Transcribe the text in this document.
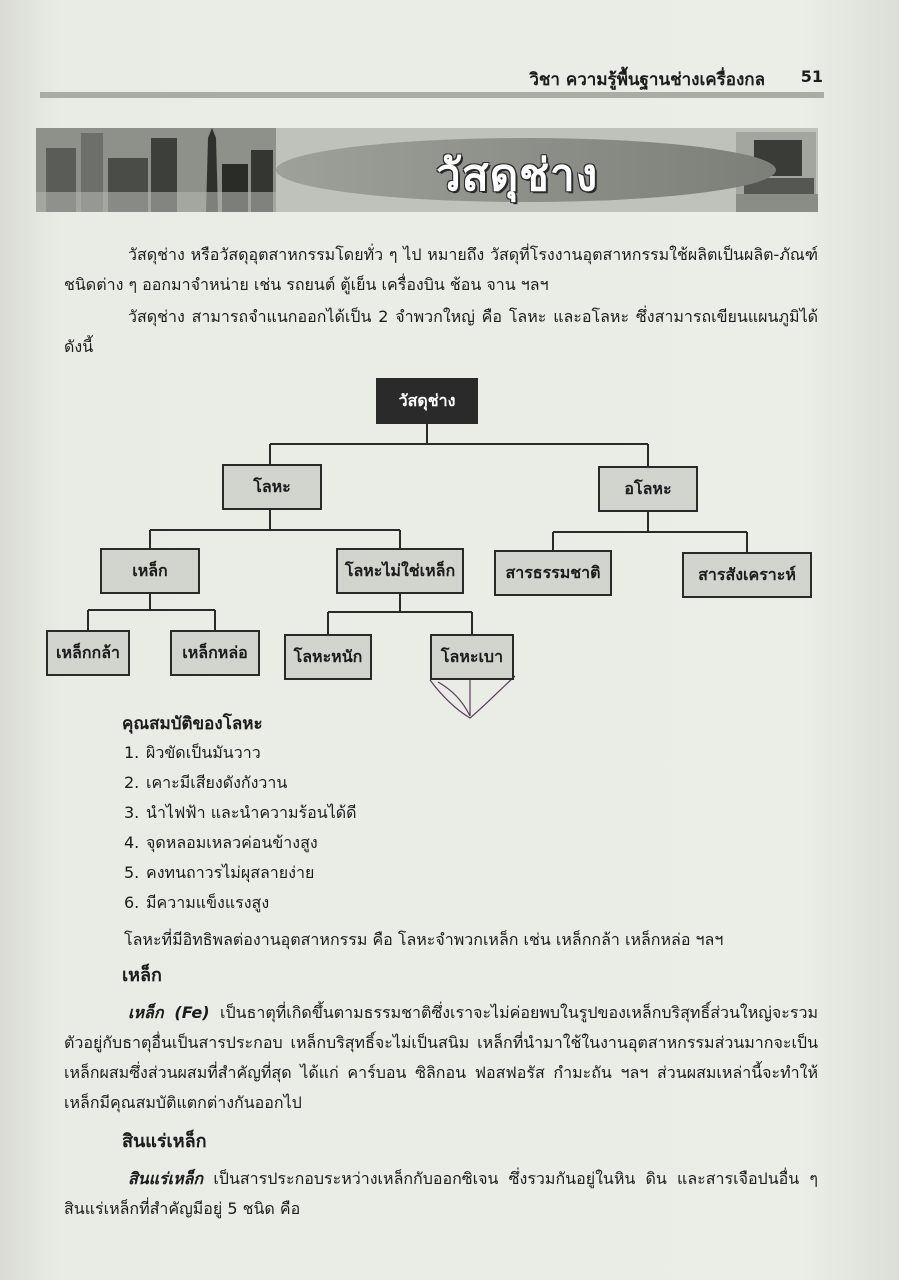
วิชา ความรู้พื้นฐานช่างเครื่องกล 51
วัสดุช่าง
วัสดุช่าง หรือวัสดุอุตสาหกรรมโดยทั่ว ๆ ไป หมายถึง วัสดุที่โรงงานอุตสาหกรรมใช้ผลิตเป็นผลิต-ภัณฑ์ชนิดต่าง ๆ ออกมาจำหน่าย เช่น รถยนต์ ตู้เย็น เครื่องบิน ช้อน จาน ฯลฯ
วัสดุช่าง สามารถจำแนกออกได้เป็น 2 จำพวกใหญ่ คือ โลหะ และอโลหะ ซึ่งสามารถเขียนแผนภูมิได้ดังนี้
วัสดุช่าง
โลหะ	อโลหะ
เหล็ก	โลหะไม่ใช่เหล็ก	สารธรรมชาติ	สารสังเคราะห์
เหล็กกล้า	เหล็กหล่อ	โลหะหนัก	โลหะเบา
คุณสมบัติของโลหะ
1. ผิวขัดเป็นมันวาว
2. เคาะมีเสียงดังกังวาน
3. นำไฟฟ้า และนำความร้อนได้ดี
4. จุดหลอมเหลวค่อนข้างสูง
5. คงทนถาวรไม่ผุสลายง่าย
6. มีความแข็งแรงสูง
โลหะที่มีอิทธิพลต่องานอุตสาหกรรม คือ โลหะจำพวกเหล็ก เช่น เหล็กกล้า เหล็กหล่อ ฯลฯ
เหล็ก
เหล็ก (Fe) เป็นธาตุที่เกิดขึ้นตามธรรมชาติซึ่งเราจะไม่ค่อยพบในรูปของเหล็กบริสุทธิ์ส่วนใหญ่จะรวมตัวอยู่กับธาตุอื่นเป็นสารประกอบ เหล็กบริสุทธิ์จะไม่เป็นสนิม เหล็กที่นำมาใช้ในงานอุตสาหกรรมส่วนมากจะเป็นเหล็กผสมซึ่งส่วนผสมที่สำคัญที่สุด ได้แก่ คาร์บอน ซิลิกอน ฟอสฟอรัส กำมะถัน ฯลฯ ส่วนผสมเหล่านี้จะทำให้เหล็กมีคุณสมบัติแตกต่างกันออกไป
สินแร่เหล็ก
สินแร่เหล็ก เป็นสารประกอบระหว่างเหล็กกับออกซิเจน ซึ่งรวมกันอยู่ในหิน ดิน และสารเจือปนอื่น ๆ สินแร่เหล็กที่สำคัญมีอยู่ 5 ชนิด คือ
